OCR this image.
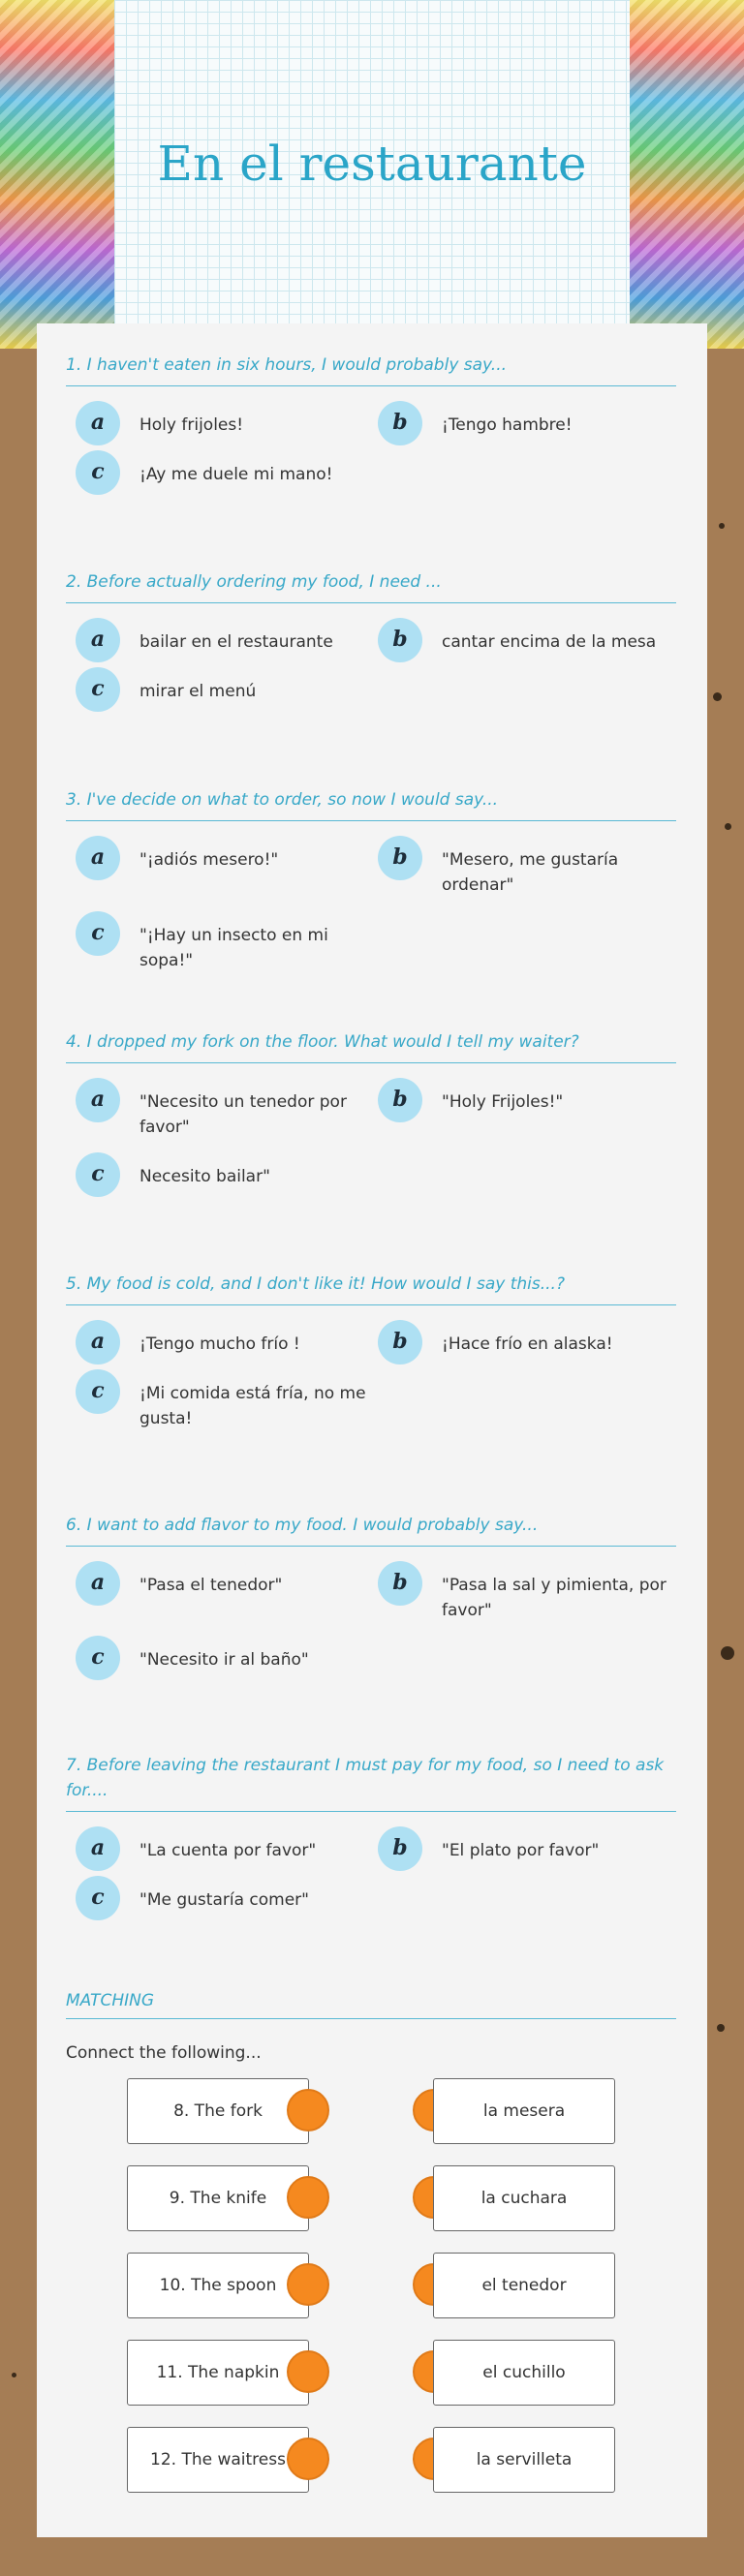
En el restaurante
1. I haven't eaten in six hours, I would probably say...
a	Holy frijoles!	b	¡Tengo hambre!
c	¡Ay me duele mi mano!
2. Before actually ordering my food, I need ...
a	bailar en el restaurante	b	cantar encima de la mesa
c	mirar el menú
3. I've decide on what to order, so now I would say...
a	"¡adiós mesero!"	b	"Mesero, me gustaría ordenar"
c	"¡Hay un insecto en mi sopa!"
4. I dropped my fork on the floor. What would I tell my waiter?
a	"Necesito un tenedor por favor"
b	"Holy Frijoles!"
c	Necesito bailar"
5. My food is cold, and I don't like it! How would I say this...?
a	¡Tengo mucho frío !	b	¡Hace frío en alaska!
c	¡Mi comida está fría, no me gusta!
6. I want to add flavor to my food. I would probably say...
a	"Pasa el tenedor"	b	"Pasa la sal y pimienta, por favor"
c	"Necesito ir al baño"
7. Before leaving the restaurant I must pay for my food, so I need to ask for....
a	"La cuenta por favor"	b	"El plato por favor"
c	"Me gustaría comer"
MATCHING
Connect the following...
8. The fork	la mesera
9. The knife	la cuchara
10. The spoon	el tenedor
11. The napkin	el cuchillo
12. The waitress	la servilleta
